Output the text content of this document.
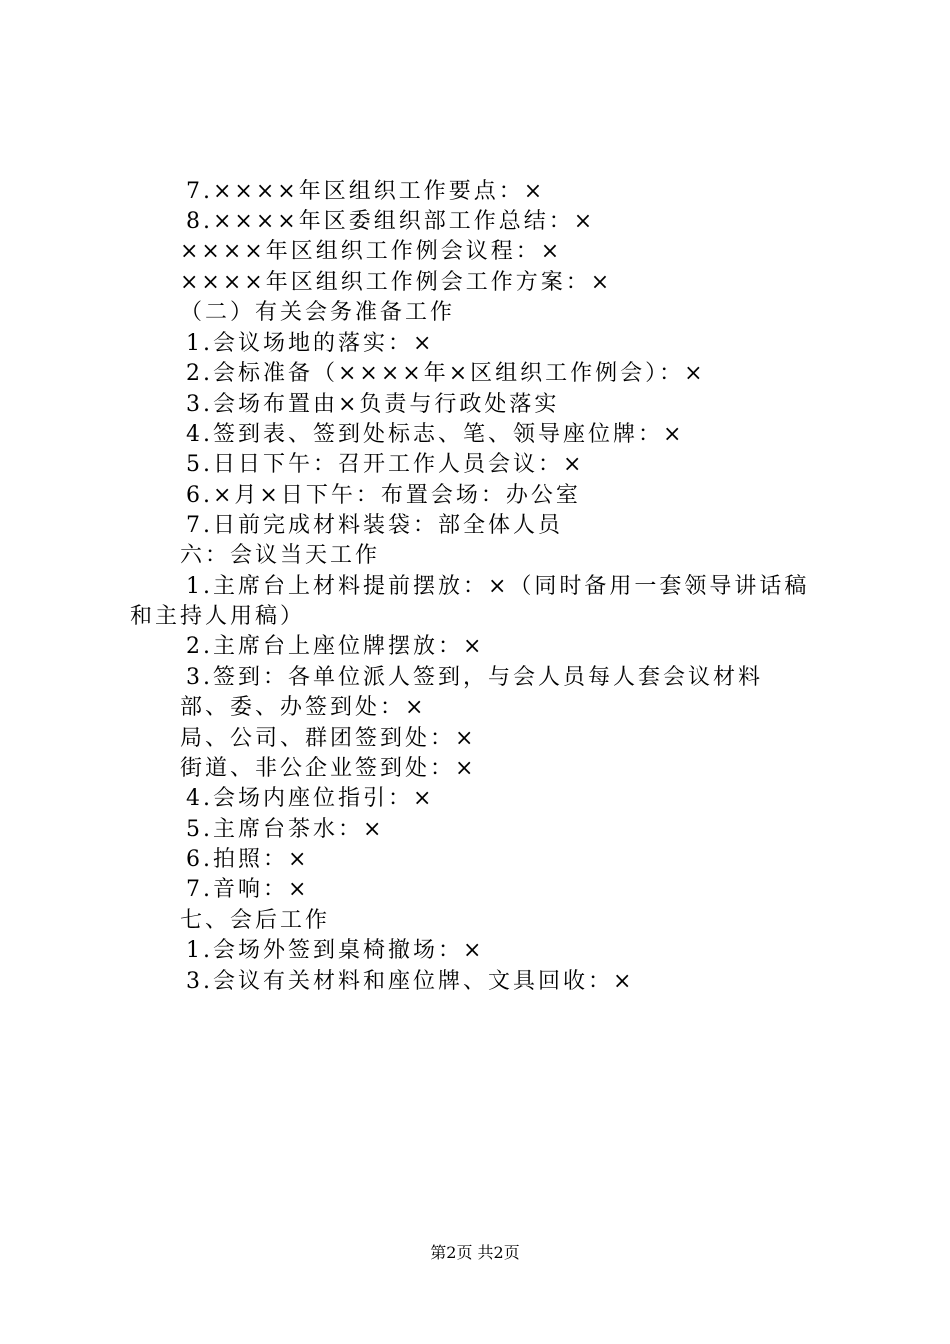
7.××××年区组织工作要点：×
8.××××年区委组织部工作总结：×
××××年区组织工作例会议程：×
××××年区组织工作例会工作方案：×
（二）有关会务准备工作
1.会议场地的落实：×
2.会标准备（××××年×区组织工作例会）：×
3.会场布置由×负责与行政处落实
4.签到表、签到处标志、笔、领导座位牌：×
5.日日下午：召开工作人员会议：×
6.×月×日下午：布置会场：办公室
7.日前完成材料装袋：部全体人员
六：会议当天工作
1.主席台上材料提前摆放：×（同时备用一套领导讲话稿
和主持人用稿）
2.主席台上座位牌摆放：×
3.签到：各单位派人签到，与会人员每人套会议材料
部、委、办签到处：×
局、公司、群团签到处：×
街道、非公企业签到处：×
4.会场内座位指引：×
5.主席台茶水：×
6.拍照：×
7.音响：×
七、会后工作
1.会场外签到桌椅撤场：×
3.会议有关材料和座位牌、文具回收：×
第2页 共2页
